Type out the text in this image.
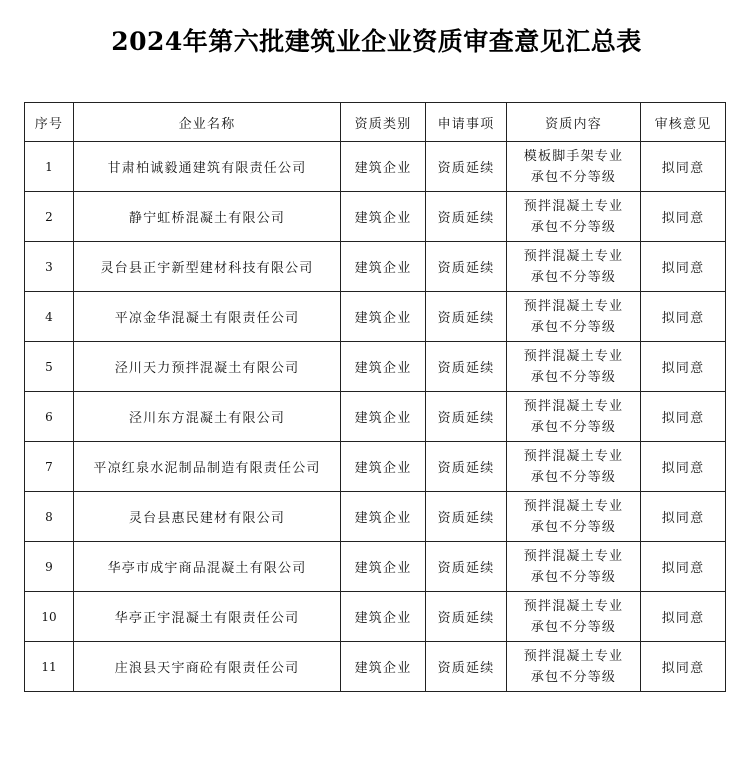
2024年第六批建筑业企业资质审查意见汇总表
序号	企业名称	资质类别	申请事项	资质内容	审核意见
1	甘肃柏诚毅通建筑有限责任公司	建筑企业	资质延续	模板脚手架专业
承包不分等级	拟同意
2	静宁虹桥混凝土有限公司	建筑企业	资质延续	预拌混凝土专业
承包不分等级	拟同意
3	灵台县正宇新型建材科技有限公司	建筑企业	资质延续	预拌混凝土专业
承包不分等级	拟同意
4	平凉金华混凝土有限责任公司	建筑企业	资质延续	预拌混凝土专业
承包不分等级	拟同意
5	泾川天力预拌混凝土有限公司	建筑企业	资质延续	预拌混凝土专业
承包不分等级	拟同意
6	泾川东方混凝土有限公司	建筑企业	资质延续	预拌混凝土专业
承包不分等级	拟同意
7	平凉红泉水泥制品制造有限责任公司	建筑企业	资质延续	预拌混凝土专业
承包不分等级	拟同意
8	灵台县惠民建材有限公司	建筑企业	资质延续	预拌混凝土专业
承包不分等级	拟同意
9	华亭市成宇商品混凝土有限公司	建筑企业	资质延续	预拌混凝土专业
承包不分等级	拟同意
10	华亭正宇混凝土有限责任公司	建筑企业	资质延续	预拌混凝土专业
承包不分等级	拟同意
11	庄浪县天宇商砼有限责任公司	建筑企业	资质延续	预拌混凝土专业
承包不分等级	拟同意
